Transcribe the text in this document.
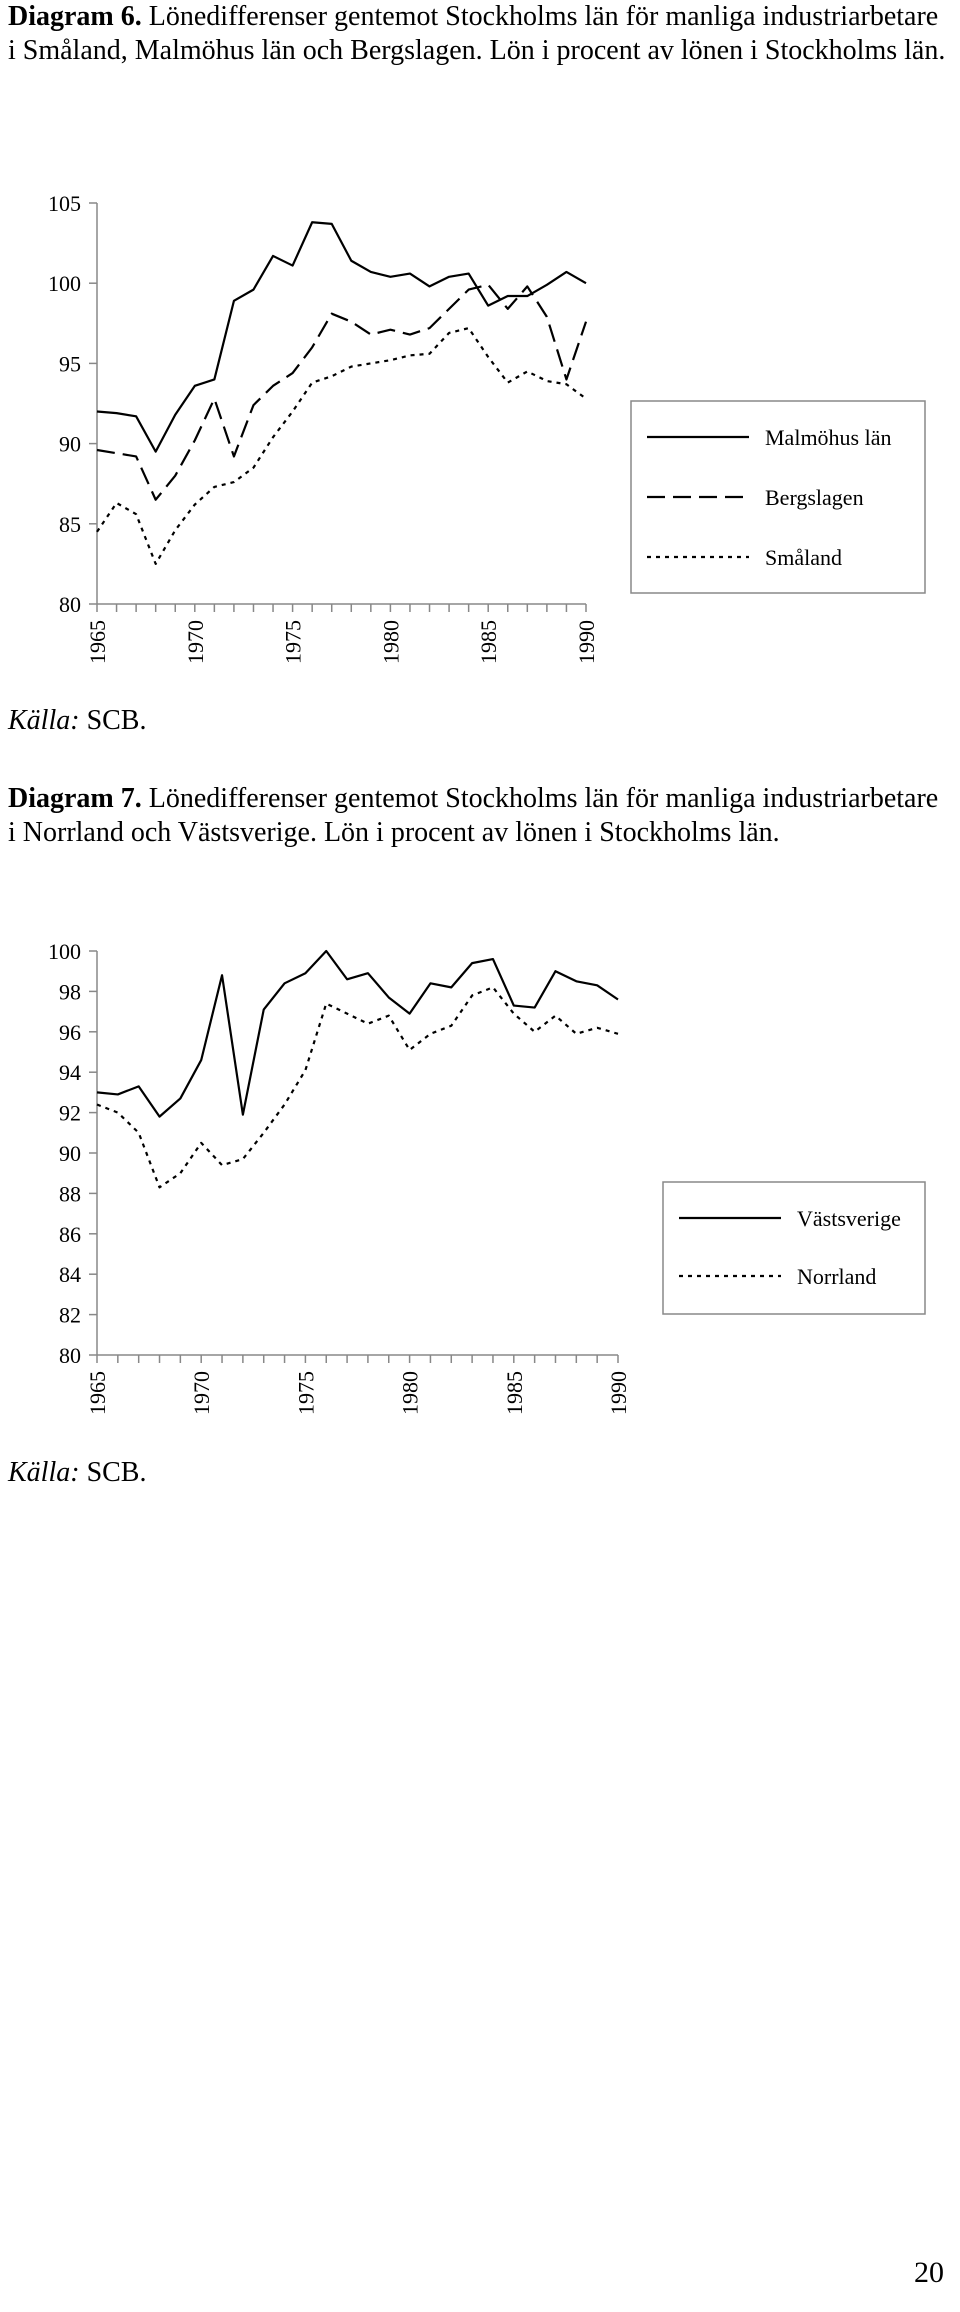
Diagram 6. Lönedifferenser gentemot Stockholms län för manliga industriarbetare i Småland, Malmöhus län och Bergslagen. Lön i procent av lönen i Stockholms län.

80
85
90
95
100
105
1965	1970	1975	1980	1985	1990
Malmöhus län
Bergslagen
Småland
Källa: SCB.

Diagram 7. Lönedifferenser gentemot Stockholms län för manliga industriarbetare i Norrland och Västsverige. Lön i procent av lönen i Stockholms län.

80
82
84
86
88
90
92
94
96
98
100
1965	1970	1975	1980	1985	1990
Västsverige
Norrland
Källa: SCB.
20
